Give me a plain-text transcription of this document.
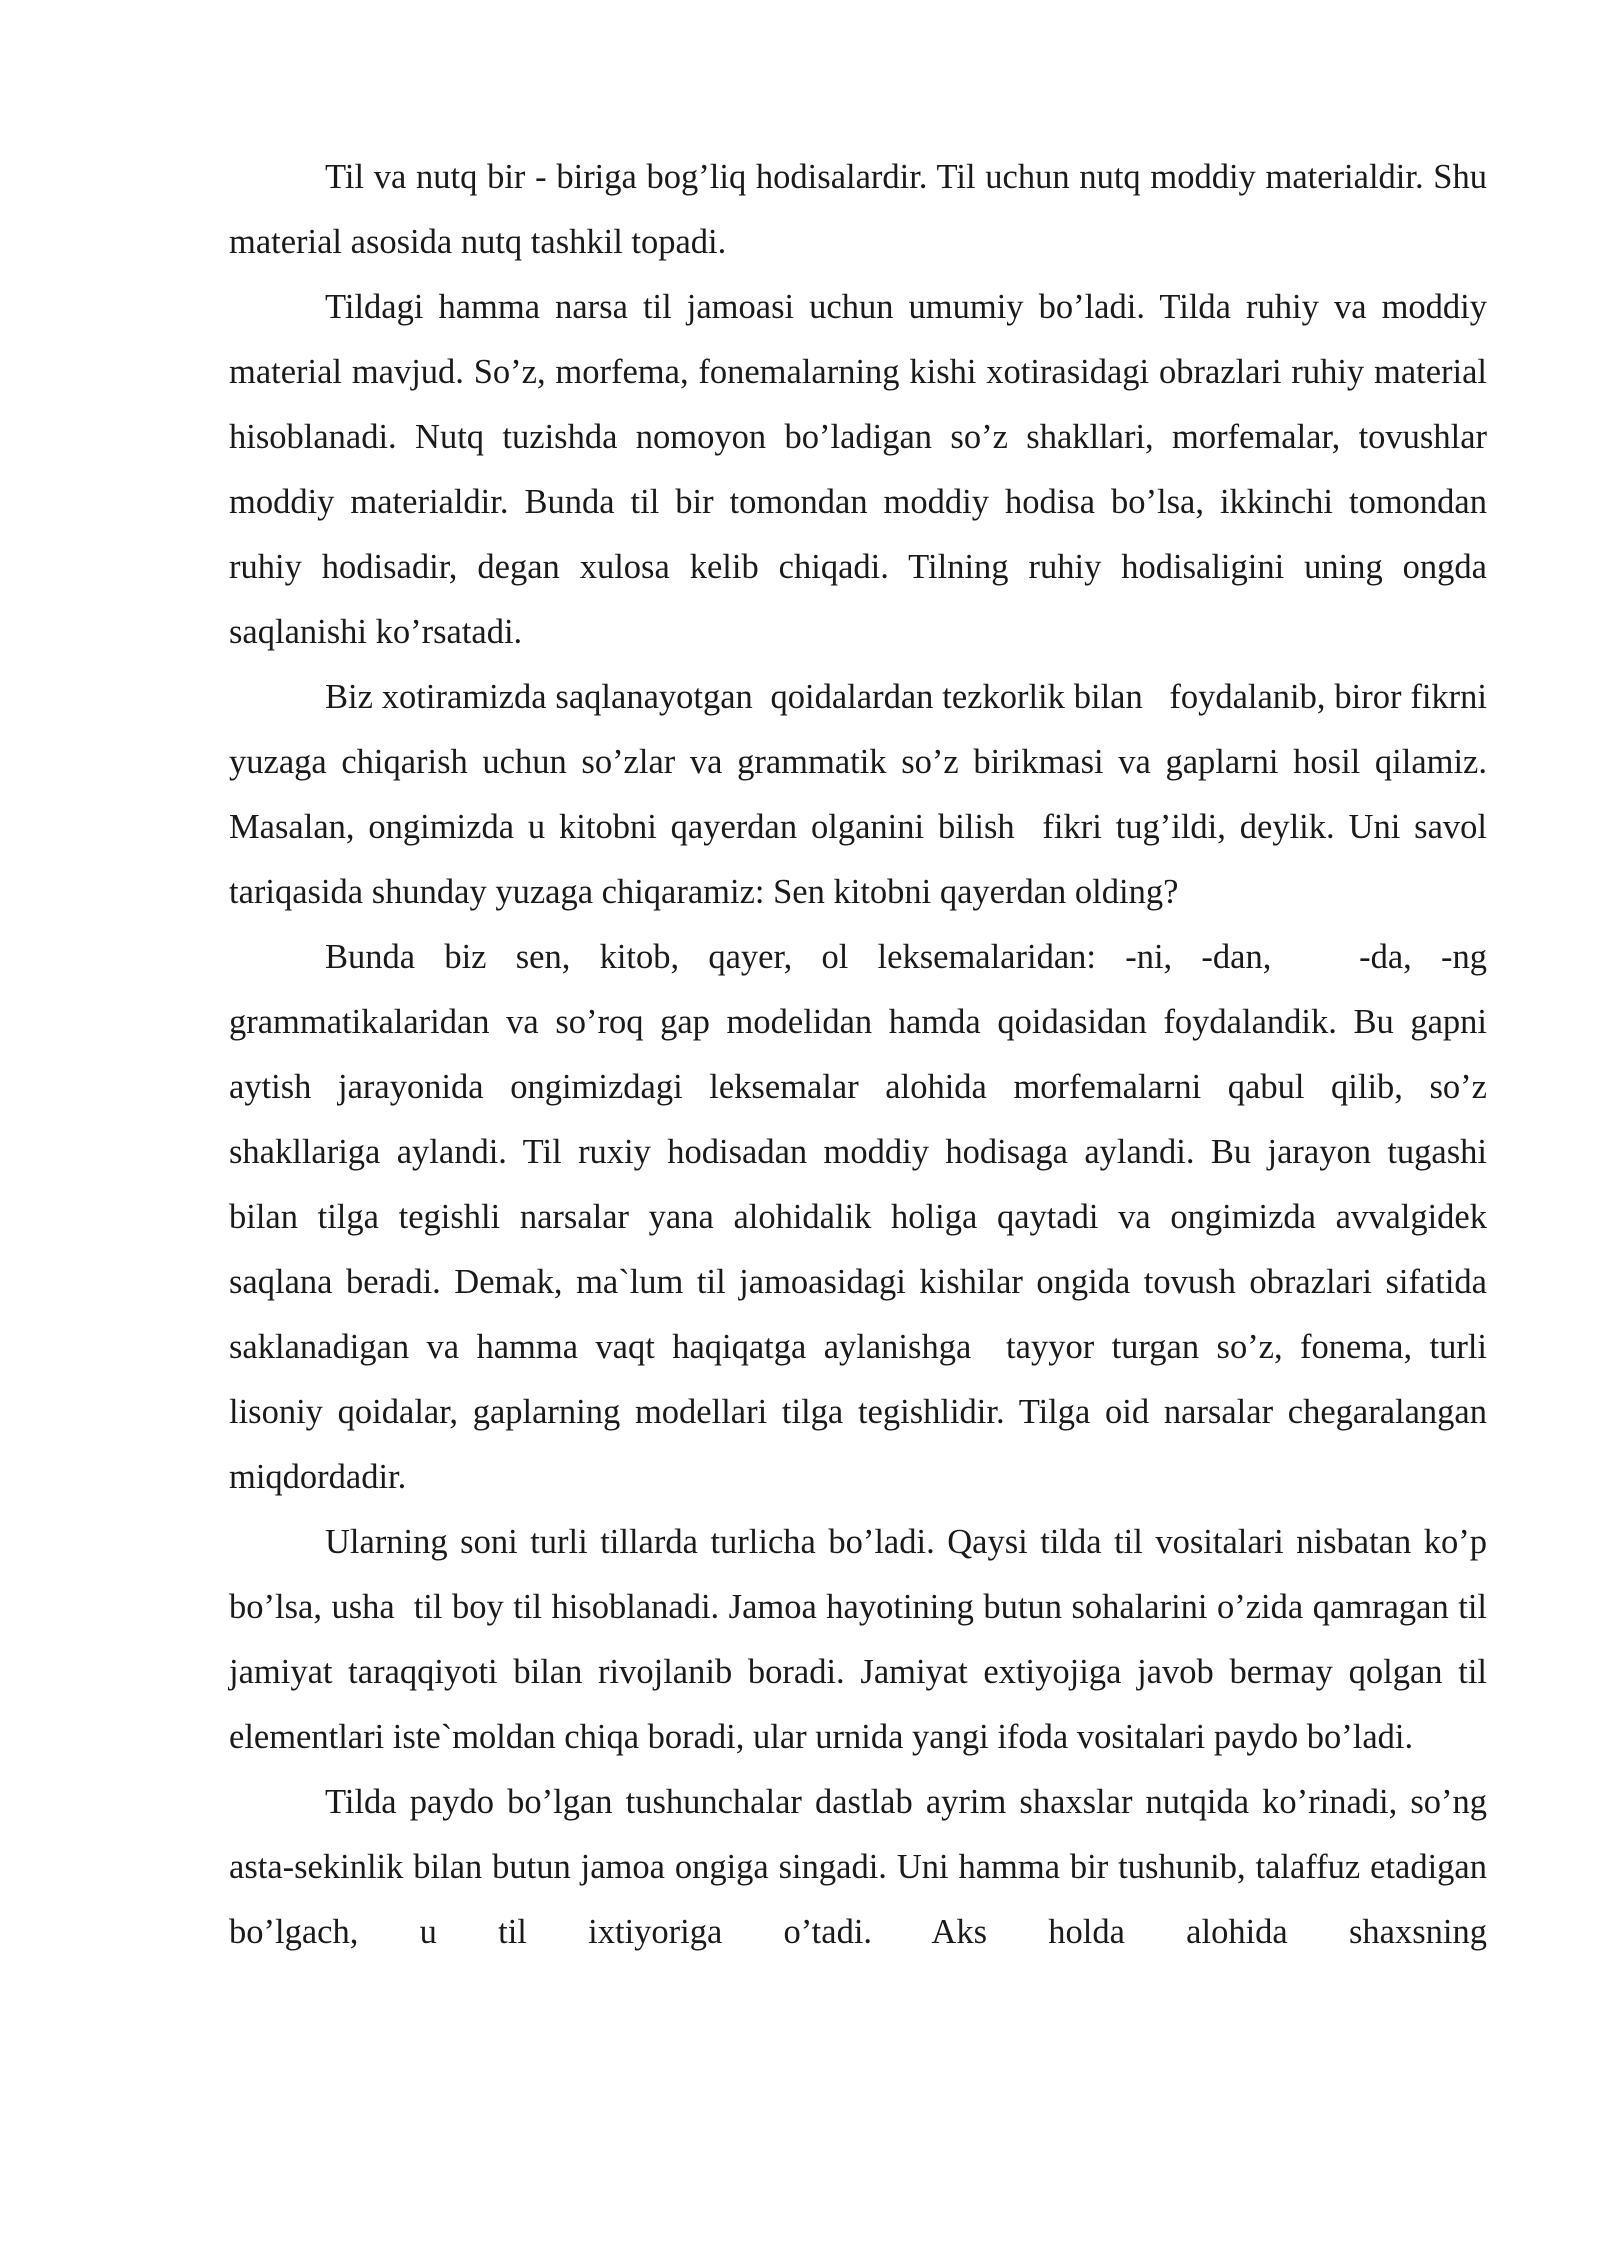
Til va nutq bir - biriga bog’liq hodisalardir. Til uchun nutq moddiy materialdir. Shu material asosida nutq tashkil topadi.

Tildagi hamma narsa til jamoasi uchun umumiy bo’ladi. Tilda ruhiy va moddiy material mavjud. So’z, morfema, fonemalarning kishi xotirasidagi obrazlari ruhiy material hisoblanadi. Nutq tuzishda nomoyon bo’ladigan so’z shakllari, morfemalar, tovushlar moddiy materialdir. Bunda til bir tomondan moddiy hodisa bo’lsa, ikkinchi tomondan ruhiy hodisadir, degan xulosa kelib chiqadi. Tilning ruhiy hodisaligini uning ongda saqlanishi ko’rsatadi.

Biz xotiramizda saqlanayotgan  qoidalardan tezkorlik bilan   foydalanib, biror fikrni yuzaga chiqarish uchun so’zlar va grammatik so’z birikmasi va gaplarni hosil qilamiz. Masalan, ongimizda u kitobni qayerdan olganini bilish  fikri tug’ildi, deylik. Uni savol tariqasida shunday yuzaga chiqaramiz: Sen kitobni qayerdan olding?

Bunda biz sen, kitob, qayer, ol leksemalaridan: -ni, -dan,   -da, -ng grammatikalaridan va so’roq gap modelidan hamda qoidasidan foydalandik. Bu gapni aytish jarayonida ongimizdagi leksemalar alohida morfemalarni qabul qilib, so’z shakllariga aylandi. Til ruxiy hodisadan moddiy hodisaga aylandi. Bu jarayon tugashi bilan tilga tegishli narsalar yana alohidalik holiga qaytadi va ongimizda avvalgidek saqlana beradi. Demak, ma`lum til jamoasidagi kishilar ongida tovush obrazlari sifatida saklanadigan va hamma vaqt haqiqatga aylanishga  tayyor turgan so’z, fonema, turli lisoniy qoidalar, gaplarning modellari tilga tegishlidir. Tilga oid narsalar chegaralangan miqdordadir.

Ularning soni turli tillarda turlicha bo’ladi. Qaysi tilda til vositalari nisbatan ko’p bo’lsa, usha  til boy til hisoblanadi. Jamoa hayotining butun sohalarini o’zida qamragan til jamiyat taraqqiyoti bilan rivojlanib boradi. Jamiyat extiyojiga javob bermay qolgan til elementlari iste`moldan chiqa boradi, ular urnida yangi ifoda vositalari paydo bo’ladi.

Tilda paydo bo’lgan tushunchalar dastlab ayrim shaxslar nutqida ko’rinadi, so’ng asta-sekinlik bilan butun jamoa ongiga singadi. Uni hamma bir tushunib, talaffuz etadigan bo’lgach, u til ixtiyoriga o’tadi. Aks holda alohida shaxsning
